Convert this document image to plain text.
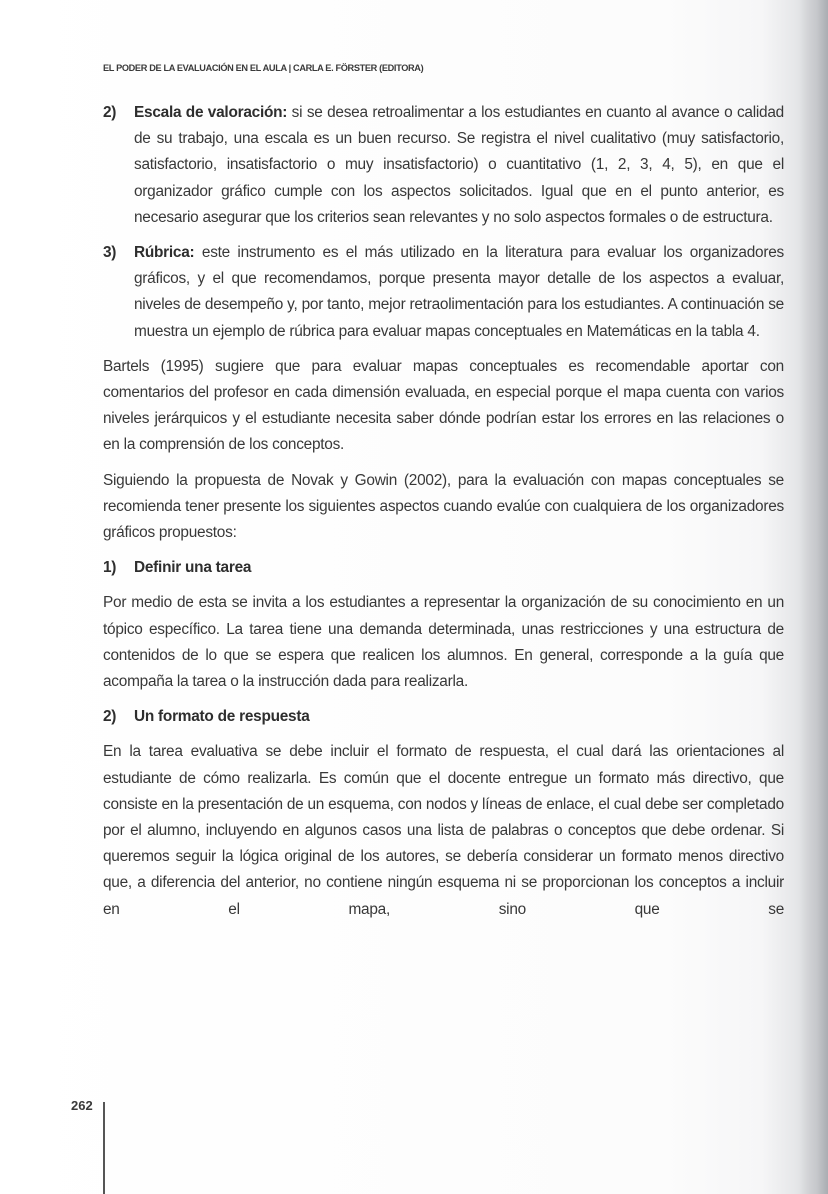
EL PODER DE LA EVALUACIÓN EN EL AULA | CARLA E. FÖRSTER (EDITORA)
2) Escala de valoración: si se desea retroalimentar a los estudiantes en cuanto al avance o calidad de su trabajo, una escala es un buen recurso. Se registra el nivel cualitativo (muy satisfactorio, satisfactorio, insatisfactorio o muy insatisfactorio) o cuantitativo (1, 2, 3, 4, 5), en que el organizador gráfico cumple con los aspectos solicitados. Igual que en el punto anterior, es necesario asegurar que los criterios sean relevantes y no solo aspectos formales o de estructura.
3) Rúbrica: este instrumento es el más utilizado en la literatura para evaluar los organizadores gráficos, y el que recomendamos, porque presenta mayor detalle de los aspectos a evaluar, niveles de desempeño y, por tanto, mejor retraolimentación para los estudiantes. A continuación se muestra un ejemplo de rúbrica para evaluar mapas conceptuales en Matemáticas en la tabla 4.

Bartels (1995) sugiere que para evaluar mapas conceptuales es recomendable aportar con comentarios del profesor en cada dimensión evaluada, en especial porque el mapa cuenta con varios niveles jerárquicos y el estudiante necesita saber dónde podrían estar los errores en las relaciones o en la comprensión de los conceptos.

Siguiendo la propuesta de Novak y Gowin (2002), para la evaluación con mapas conceptuales se recomienda tener presente los siguientes aspectos cuando evalúe con cualquiera de los organizadores gráficos propuestos:

1) Definir una tarea

Por medio de esta se invita a los estudiantes a representar la organización de su conocimiento en un tópico específico. La tarea tiene una demanda determinada, unas restricciones y una estructura de contenidos de lo que se espera que realicen los alumnos. En general, corresponde a la guía que acompaña la tarea o la instrucción dada para realizarla.

2) Un formato de respuesta

En la tarea evaluativa se debe incluir el formato de respuesta, el cual dará las orientaciones al estudiante de cómo realizarla. Es común que el docente entregue un formato más directivo, que consiste en la presentación de un esquema, con nodos y líneas de enlace, el cual debe ser completado por el alumno, incluyendo en algunos casos una lista de palabras o conceptos que debe ordenar. Si queremos seguir la lógica original de los autores, se debería considerar un formato menos directivo que, a diferencia del anterior, no contiene ningún esquema ni se proporcionan los conceptos a incluir en el mapa, sino que se

262
